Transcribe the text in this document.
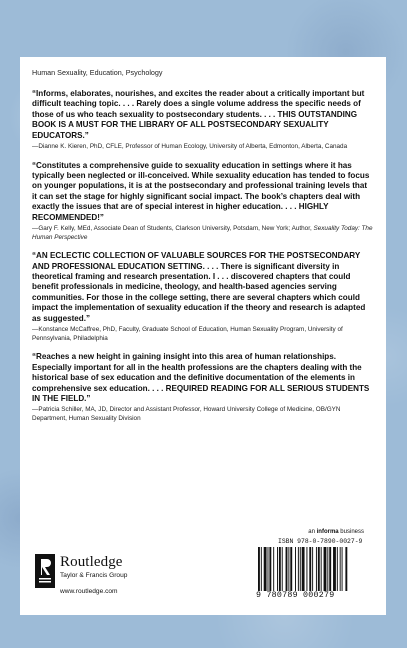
Human Sexuality, Education, Psychology

“Informs, elaborates, nourishes, and excites the reader about a critically important but difficult teaching topic. . . . Rarely does a single volume address the specific needs of those of us who teach sexuality to postsecondary students. . . . THIS OUTSTANDING BOOK IS A MUST FOR THE LIBRARY OF ALL POSTSECONDARY SEXUALITY EDUCATORS.”

—Dianne K. Kieren, PhD, CFLE, Professor of Human Ecology, University of Alberta, Edmonton, Alberta, Canada

“Constitutes a comprehensive guide to sexuality education in settings where it has typically been neglected or ill-conceived. While sexuality education has tended to focus on younger populations, it is at the postsecondary and professional training levels that it can set the stage for highly significant social impact. The book’s chapters deal with exactly the issues that are of special interest in higher education. . . . HIGHLY RECOMMENDED!”

—Gary F. Kelly, MEd, Associate Dean of Students, Clarkson University, Potsdam, New York; Author, Sexuality Today: The Human Perspective

“AN ECLECTIC COLLECTION OF VALUABLE SOURCES FOR THE POSTSECONDARY AND PROFESSIONAL EDUCATION SETTING. . . . There is significant diversity in theoretical framing and research presentation. I . . . discovered chapters that could benefit professionals in medicine, theology, and health-based agencies serving communities. For those in the college setting, there are several chapters which could impact the implementation of sexuality education if the theory and research is adapted as suggested.”

—Konstance McCaffree, PhD, Faculty, Graduate School of Education, Human Sexuality Program, University of Pennsylvania, Philadelphia

“Reaches a new height in gaining insight into this area of human relationships. Especially important for all in the health professions are the chapters dealing with the historical base of sex education and the definitive documentation of the elements in comprehensive sex education. . . . REQUIRED READING FOR ALL SERIOUS STUDENTS IN THE FIELD.”

—Patricia Schiller, MA, JD, Director and Assistant Professor, Howard University College of Medicine, OB/GYN Department, Human Sexuality Division

Routledge
Taylor & Francis Group
www.routledge.com
an informa business
ISBN 978-0-7890-0027-9
9 780789 000279
